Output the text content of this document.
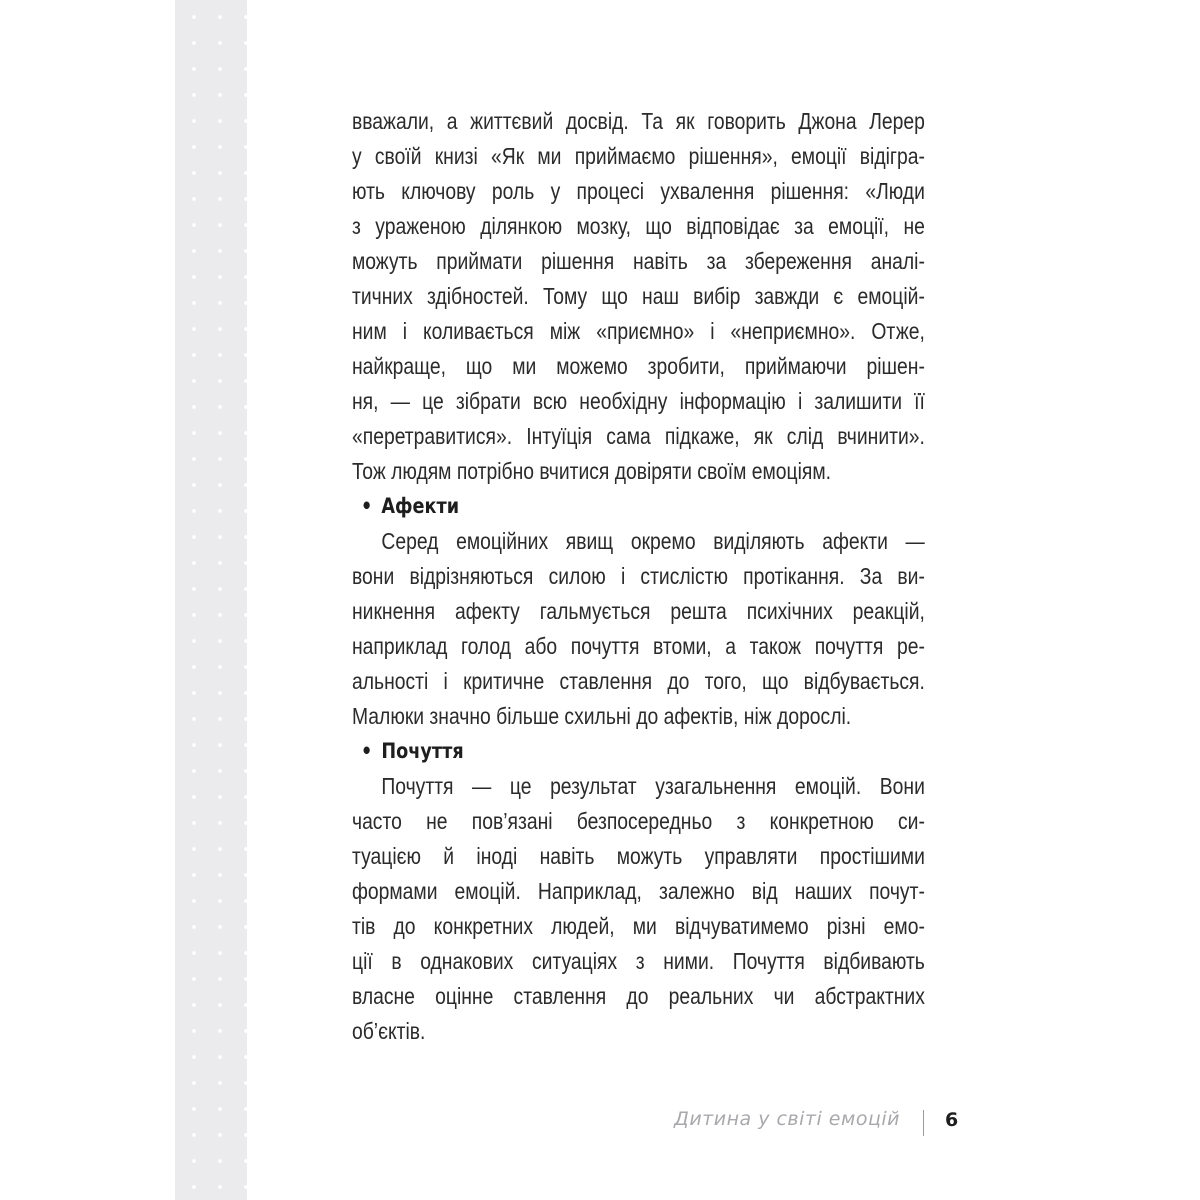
вважали, а життєвий досвід. Та як говорить Джона Лерер
у своїй книзі «Як ми приймаємо рішення», емоції відігра-
ють ключову роль у процесі ухвалення рішення: «Люди
з ураженою ділянкою мозку, що відповідає за емоції, не
можуть приймати рішення навіть за збереження аналі-
тичних здібностей. Тому що наш вибір завжди є емоцій-
ним і коливається між «приємно» і «неприємно». Отже,
найкраще, що ми можемо зробити, приймаючи рішен-
ня, — це зібрати всю необхідну інформацію і залишити її
«перетравитися». Інтуїція сама підкаже, як слід вчинити».
Тож людям потрібно вчитися довіряти своїм емоціям.
• Афекти
Серед емоційних явищ окремо виділяють афекти —
вони відрізняються силою і стислістю протікання. За ви-
никнення афекту гальмується решта психічних реакцій,
наприклад голод або почуття втоми, а також почуття ре-
альності і критичне ставлення до того, що відбувається.
Малюки значно більше схильні до афектів, ніж дорослі.
• Почуття
Почуття — це результат узагальнення емоцій. Вони
часто не пов’язані безпосередньо з конкретною си-
туацією й іноді навіть можуть управляти простішими
формами емоцій. Наприклад, залежно від наших почут-
тів до конкретних людей, ми відчуватимемо різні емо-
ції в однакових ситуаціях з ними. Почуття відбивають
власне оцінне ставлення до реальних чи абстрактних
об’єктів.
Дитина у світі емоцій 6
